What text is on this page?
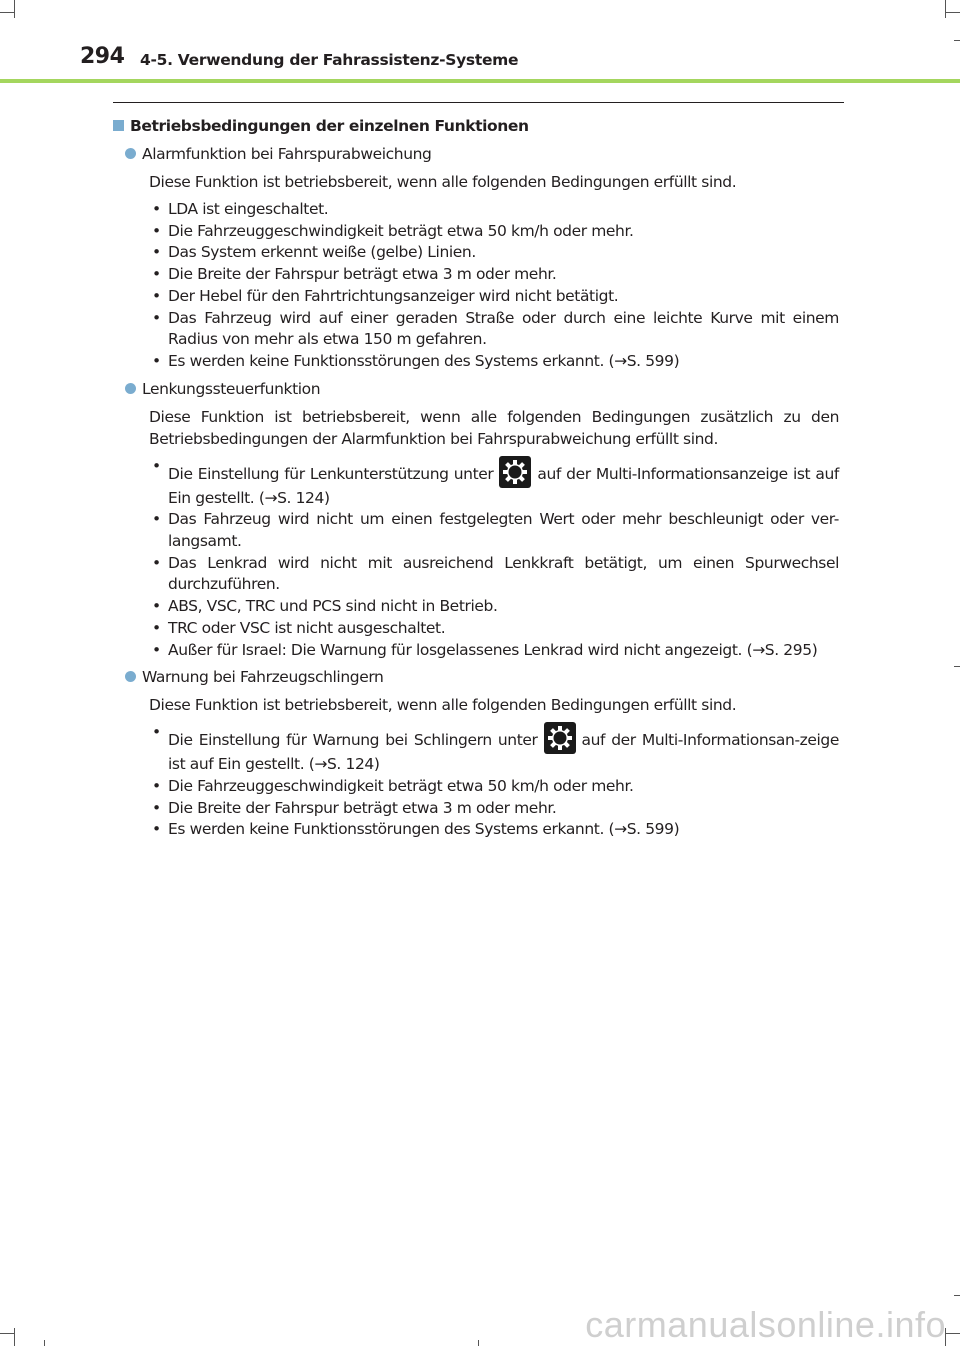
294 4-5. Verwendung der Fahrassistenz-Systeme
Betriebsbedingungen der einzelnen Funktionen
Alarmfunktion bei Fahrspurabweichung
Diese Funktion ist betriebsbereit, wenn alle folgenden Bedingungen erfüllt sind.
• LDA ist eingeschaltet.
• Die Fahrzeuggeschwindigkeit beträgt etwa 50 km/h oder mehr.
• Das System erkennt weiße (gelbe) Linien.
• Die Breite der Fahrspur beträgt etwa 3 m oder mehr.
• Der Hebel für den Fahrtrichtungsanzeiger wird nicht betätigt.
• Das Fahrzeug wird auf einer geraden Straße oder durch eine leichte Kurve mit einem Radius von mehr als etwa 150 m gefahren.
• Es werden keine Funktionsstörungen des Systems erkannt. (→S. 599)
Lenkungssteuerfunktion
Diese Funktion ist betriebsbereit, wenn alle folgenden Bedingungen zusätzlich zu den Betriebsbedingungen der Alarmfunktion bei Fahrspurabweichung erfüllt sind.
• Die Einstellung für Lenkunterstützung unter	auf der Multi-Informationsanzeige ist auf Ein gestellt. (→S. 124)
• Das Fahrzeug wird nicht um einen festgelegten Wert oder mehr beschleunigt oder ver-langsamt.
• Das Lenkrad wird nicht mit ausreichend Lenkkraft betätigt, um einen Spurwechsel durchzuführen.
• ABS, VSC, TRC und PCS sind nicht in Betrieb.
• TRC oder VSC ist nicht ausgeschaltet.
• Außer für Israel: Die Warnung für losgelassenes Lenkrad wird nicht angezeigt. (→S. 295)
Warnung bei Fahrzeugschlingern
Diese Funktion ist betriebsbereit, wenn alle folgenden Bedingungen erfüllt sind.
• Die Einstellung für Warnung bei Schlingern unter	auf der Multi-Informationsan-zeige ist auf Ein gestellt. (→S. 124)
• Die Fahrzeuggeschwindigkeit beträgt etwa 50 km/h oder mehr.
• Die Breite der Fahrspur beträgt etwa 3 m oder mehr.
• Es werden keine Funktionsstörungen des Systems erkannt. (→S. 599)
carmanualsonline.info
